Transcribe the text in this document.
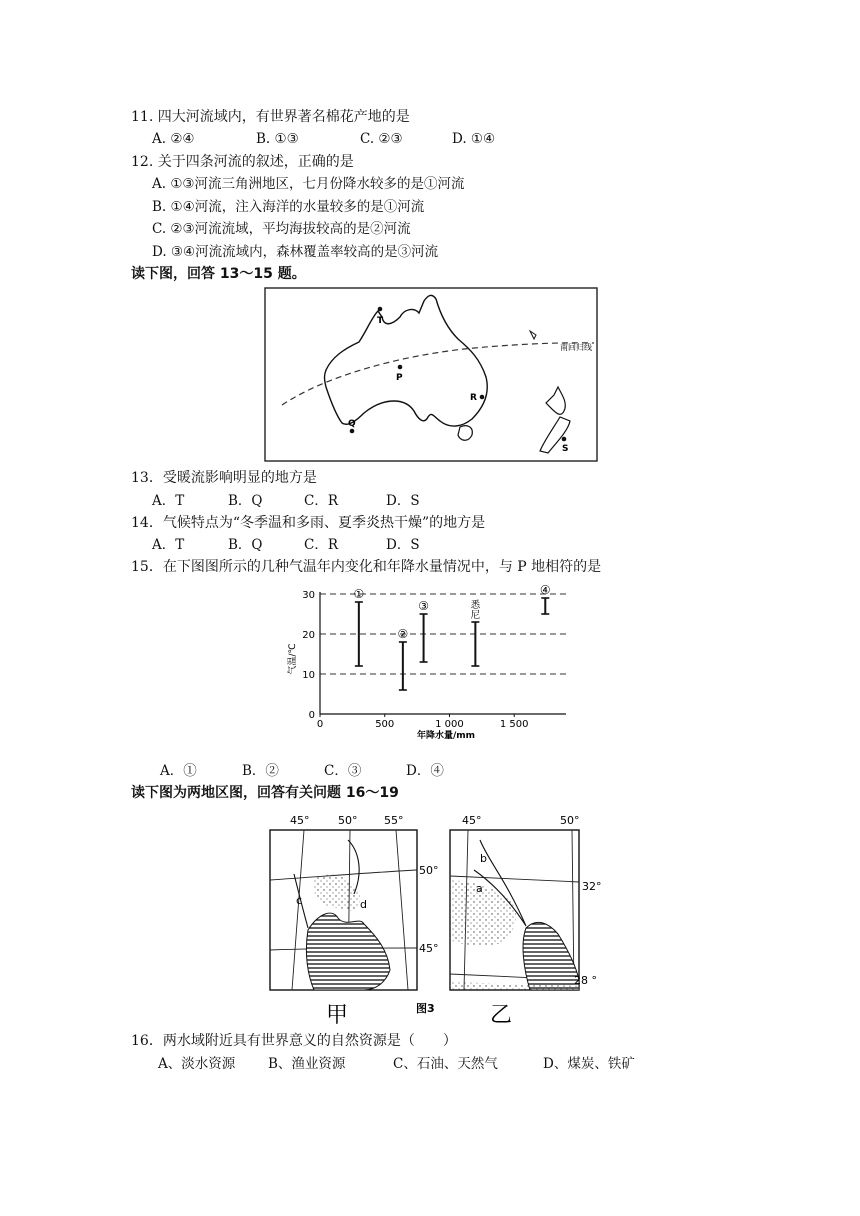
11. 四大河流域内，有世界著名棉花产地的是
A. ②④	B. ①③	C. ②③	D. ①④
12. 关于四条河流的叙述，正确的是
A. ①③河流三角洲地区，七月份降水较多的是①河流
B. ①④河流，注入海洋的水量较多的是①河流
C. ②③河流流域，平均海拔较高的是②河流
D. ③④河流流域内，森林覆盖率较高的是③河流
读下图，回答 13～15 题。
南回归线
T
P
Q
R
S
13．受暖流影响明显的地方是
A．T	B．Q	C．R	D．S
14．气候特点为“冬季温和多雨、夏季炎热干燥”的地方是
A．T	B．Q	C．R	D．S
15．在下图图所示的几种气温年内变化和年降水量情况中，与 P 地相符的是
0
10
20
30
0	500	1 000	1 500
①
②
③	悉
尼
④
气温/℃
年降水量/mm
A．①	B．②	C．③	D．④
读下图为两地区图，回答有关问题 16～19
45°	50° 55°
50°
45°
c	d
甲
45°	50°
32°
28 °
a
b
乙
图3
16．两水域附近具有世界意义的自然资源是（　　）
A、淡水资源 B、渔业资源	C、石油、天然气	D、煤炭、铁矿
